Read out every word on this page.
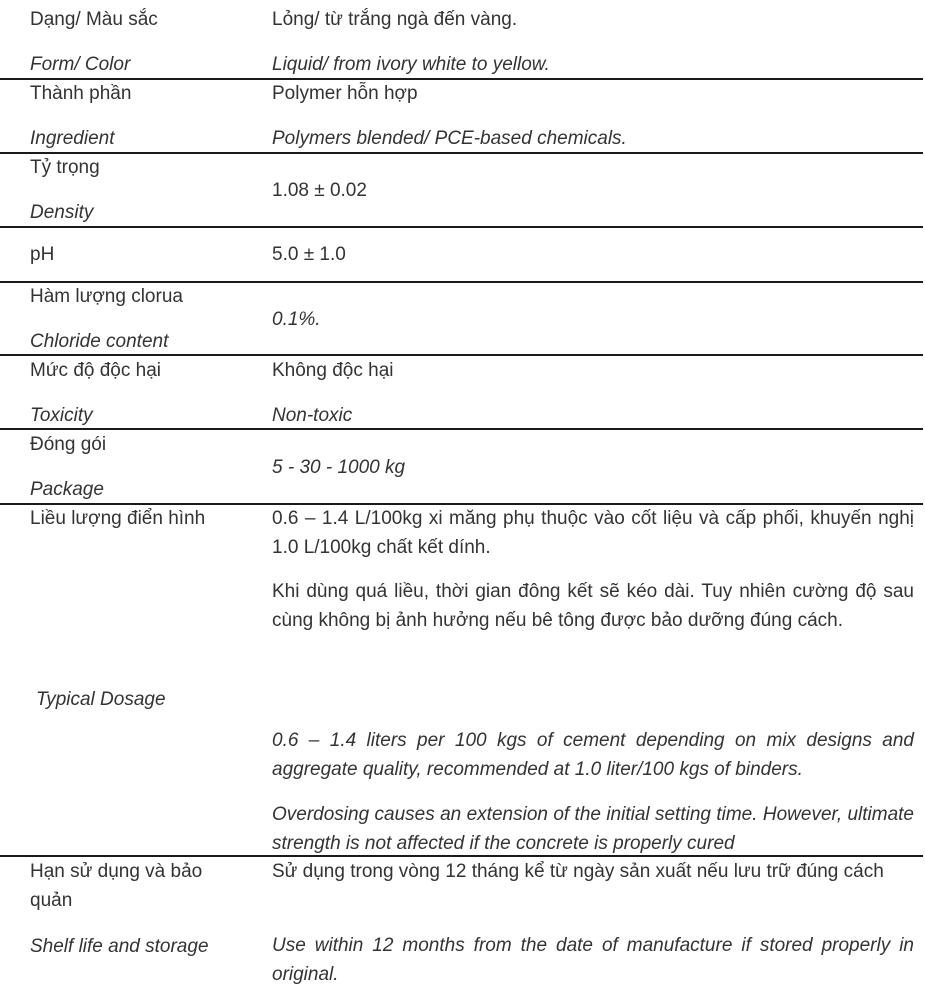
Dạng/ Màu sắc
Form/ Color
Lỏng/ từ trắng ngà đến vàng.
Liquid/ from ivory white to yellow.
Thành phần
Ingredient
Polymer hỗn hợp
Polymers blended/ PCE-based chemicals.
Tỷ trọng
Density
1.08 ± 0.02
pH	5.0 ± 1.0
Hàm lượng clorua
Chloride content
0.1%.
Mức độ độc hại
Toxicity
Không độc hại
Non-toxic
Đóng gói
Package
5 - 30 - 1000 kg
Liều lượng điển hình
Typical Dosage
0.6 – 1.4 L/100kg xi măng phụ thuộc vào cốt liệu và cấp phối, khuyến nghị 1.0 L/100kg chất kết dính.
Khi dùng quá liều, thời gian đông kết sẽ kéo dài. Tuy nhiên cường độ sau cùng không bị ảnh hưởng nếu bê tông được bảo dưỡng đúng cách.
0.6 – 1.4 liters per 100 kgs of cement depending on mix designs and aggregate quality, recommended at 1.0 liter/100 kgs of binders.
Overdosing causes an extension of the initial setting time. However, ultimate strength is not affected if the concrete is properly cured
Hạn sử dụng và bảo quản
Shelf life and storage
Sử dụng trong vòng 12 tháng kể từ ngày sản xuất nếu lưu trữ đúng cách
Use within 12 months from the date of manufacture if stored properly in original.
